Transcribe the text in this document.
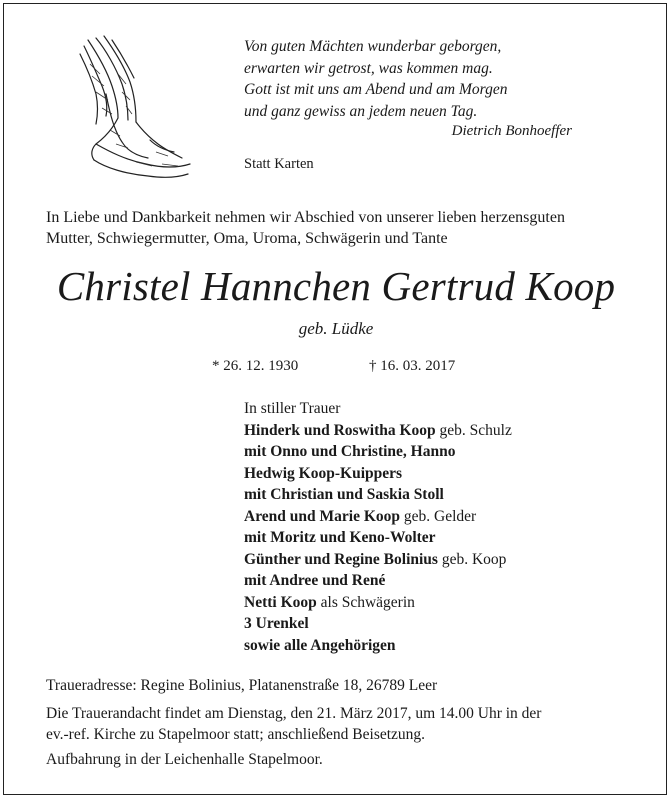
Von guten Mächten wunderbar geborgen,
erwarten wir getrost, was kommen mag.
Gott ist mit uns am Abend und am Morgen
und ganz gewiss an jedem neuen Tag.
Dietrich Bonhoeffer
Statt Karten
In Liebe und Dankbarkeit nehmen wir Abschied von unserer lieben herzensguten
Mutter, Schwiegermutter, Oma, Uroma, Schwägerin und Tante
Christel Hannchen Gertrud Koop
geb. Lüdke
* 26. 12. 1930	† 16. 03. 2017
In stiller Trauer
Hinderk und Roswitha Koop geb. Schulz
mit Onno und Christine, Hanno
Hedwig Koop-Kuippers
mit Christian und Saskia Stoll
Arend und Marie Koop geb. Gelder
mit Moritz und Keno-Wolter
Günther und Regine Bolinius geb. Koop
mit Andree und René
Netti Koop als Schwägerin
3 Urenkel
sowie alle Angehörigen
Traueradresse: Regine Bolinius, Platanenstraße 18, 26789 Leer
Die Trauerandacht findet am Dienstag, den 21. März 2017, um 14.00 Uhr in der
ev.-ref. Kirche zu Stapelmoor statt; anschließend Beisetzung.
Aufbahrung in der Leichenhalle Stapelmoor.
